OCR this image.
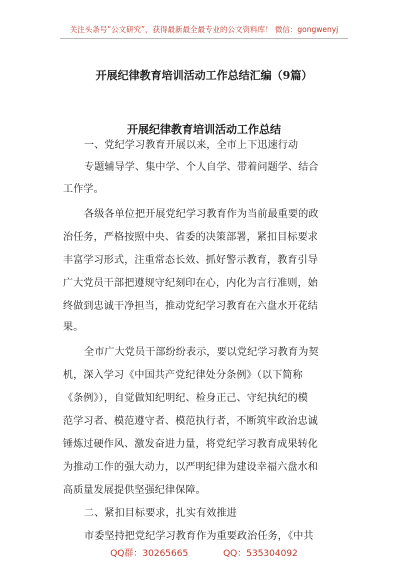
关注头条号“公文研究”，获得最新最全最专业的公文资料库！ 微信：gongwenyj
开展纪律教育培训活动工作总结汇编（9篇）
开展纪律教育培训活动工作总结
一、党纪学习教育开展以来，全市上下迅速行动
专题辅导学、集中学、个人自学、带着问题学、结合
工作学。
各级各单位把开展党纪学习教育作为当前最重要的政
治任务，严格按照中央、省委的决策部署，紧扣目标要求
丰富学习形式，注重常态长效、抓好警示教育，教育引导
广大党员干部把遵规守纪刻印在心，内化为言行准则，始
终做到忠诚干净担当，推动党纪学习教育在六盘水开花结
果。
全市广大党员干部纷纷表示，要以党纪学习教育为契
机，深入学习《中国共产党纪律处分条例》（以下简称
《条例》），自觉做知纪明纪、检身正己、守纪执纪的模
范学习者、模范遵守者、模范执行者，不断筑牢政治忠诚
锤炼过硬作风、激发奋进力量，将党纪学习教育成果转化
为推动工作的强大动力，以严明纪律为建设幸福六盘水和
高质量发展提供坚强纪律保障。
二、紧扣目标要求，扎实有效推进
市委坚持把党纪学习教育作为重要政治任务，《中共
QQ群：30265665	QQ：535304092
